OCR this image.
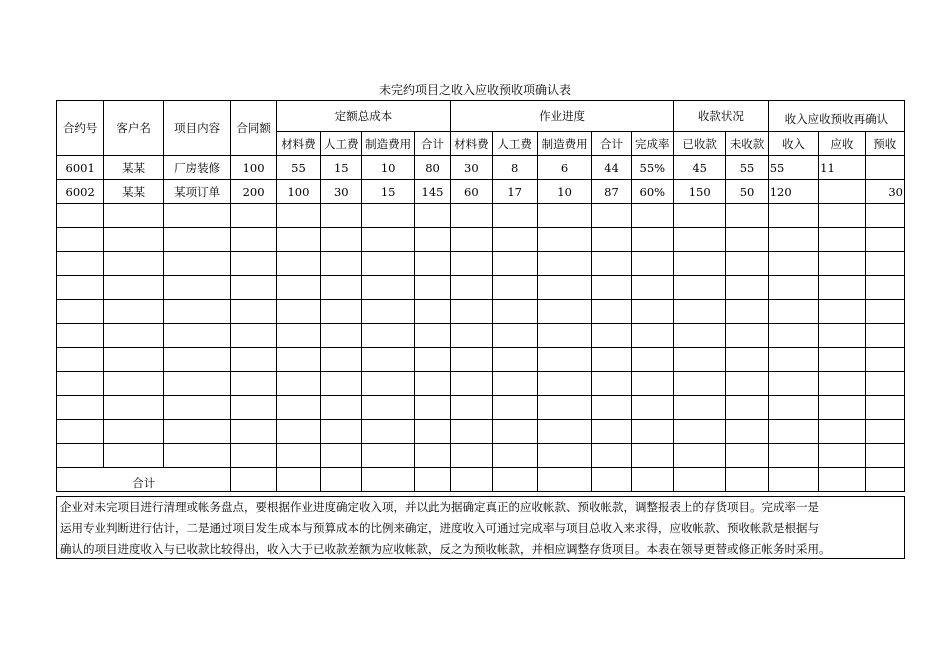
未完约项目之收入应收预收项确认表
合约号	客户名	项目内容	合同额	定额总成本				作业进度					收款状况		收入应收预收再确认		
				材料费	人工费	制造费用	合计	材料费	人工费	制造费用	合计	完成率	已收款	未收款	收入	应收	预收
6001	某某	厂房装修	100	55	15	10	80	30	8	6	44	55%	45	55	55	11	
6002	某某	某项订单	200	100	30	15	145	60	17	10	87	60%	150	50	120		30

合计																	
企业对未完项目进行清理或帐务盘点，要根据作业进度确定收入项，并以此为据确定真正的应收帐款、预收帐款，调整报表上的存货项目。完成率一是
运用专业判断进行估计，二是通过项目发生成本与预算成本的比例来确定，进度收入可通过完成率与项目总收入来求得，应收帐款、预收帐款是根据与
确认的项目进度收入与已收款比较得出，收入大于已收款差额为应收帐款，反之为预收帐款，并相应调整存货项目。本表在领导更替或修正帐务时采用。
